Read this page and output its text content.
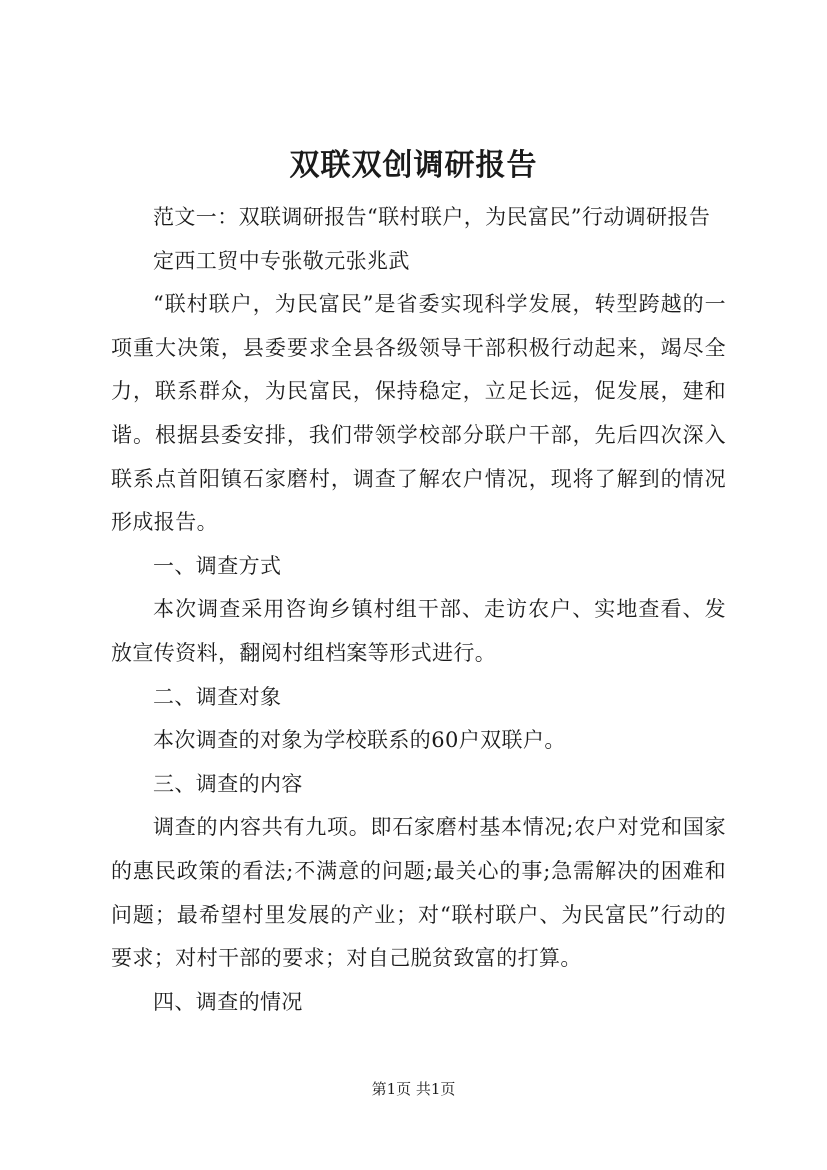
双联双创调研报告

范文一：双联调研报告“联村联户，为民富民”行动调研报告

定西工贸中专张敬元张兆武

“联村联户，为民富民”是省委实现科学发展，转型跨越的一项重大决策，县委要求全县各级领导干部积极行动起来，竭尽全力，联系群众，为民富民，保持稳定，立足长远，促发展，建和谐。根据县委安排，我们带领学校部分联户干部，先后四次深入联系点首阳镇石家磨村，调查了解农户情况，现将了解到的情况形成报告。

一、调查方式

本次调查采用咨询乡镇村组干部、走访农户、实地查看、发放宣传资料，翻阅村组档案等形式进行。

二、调查对象

本次调查的对象为学校联系的60户双联户。

三、调查的内容

调查的内容共有九项。即石家磨村基本情况;农户对党和国家的惠民政策的看法;不满意的问题;最关心的事;急需解决的困难和问题；最希望村里发展的产业；对“联村联户、为民富民”行动的要求；对村干部的要求；对自己脱贫致富的打算。

四、调查的情况

第1页 共1页
